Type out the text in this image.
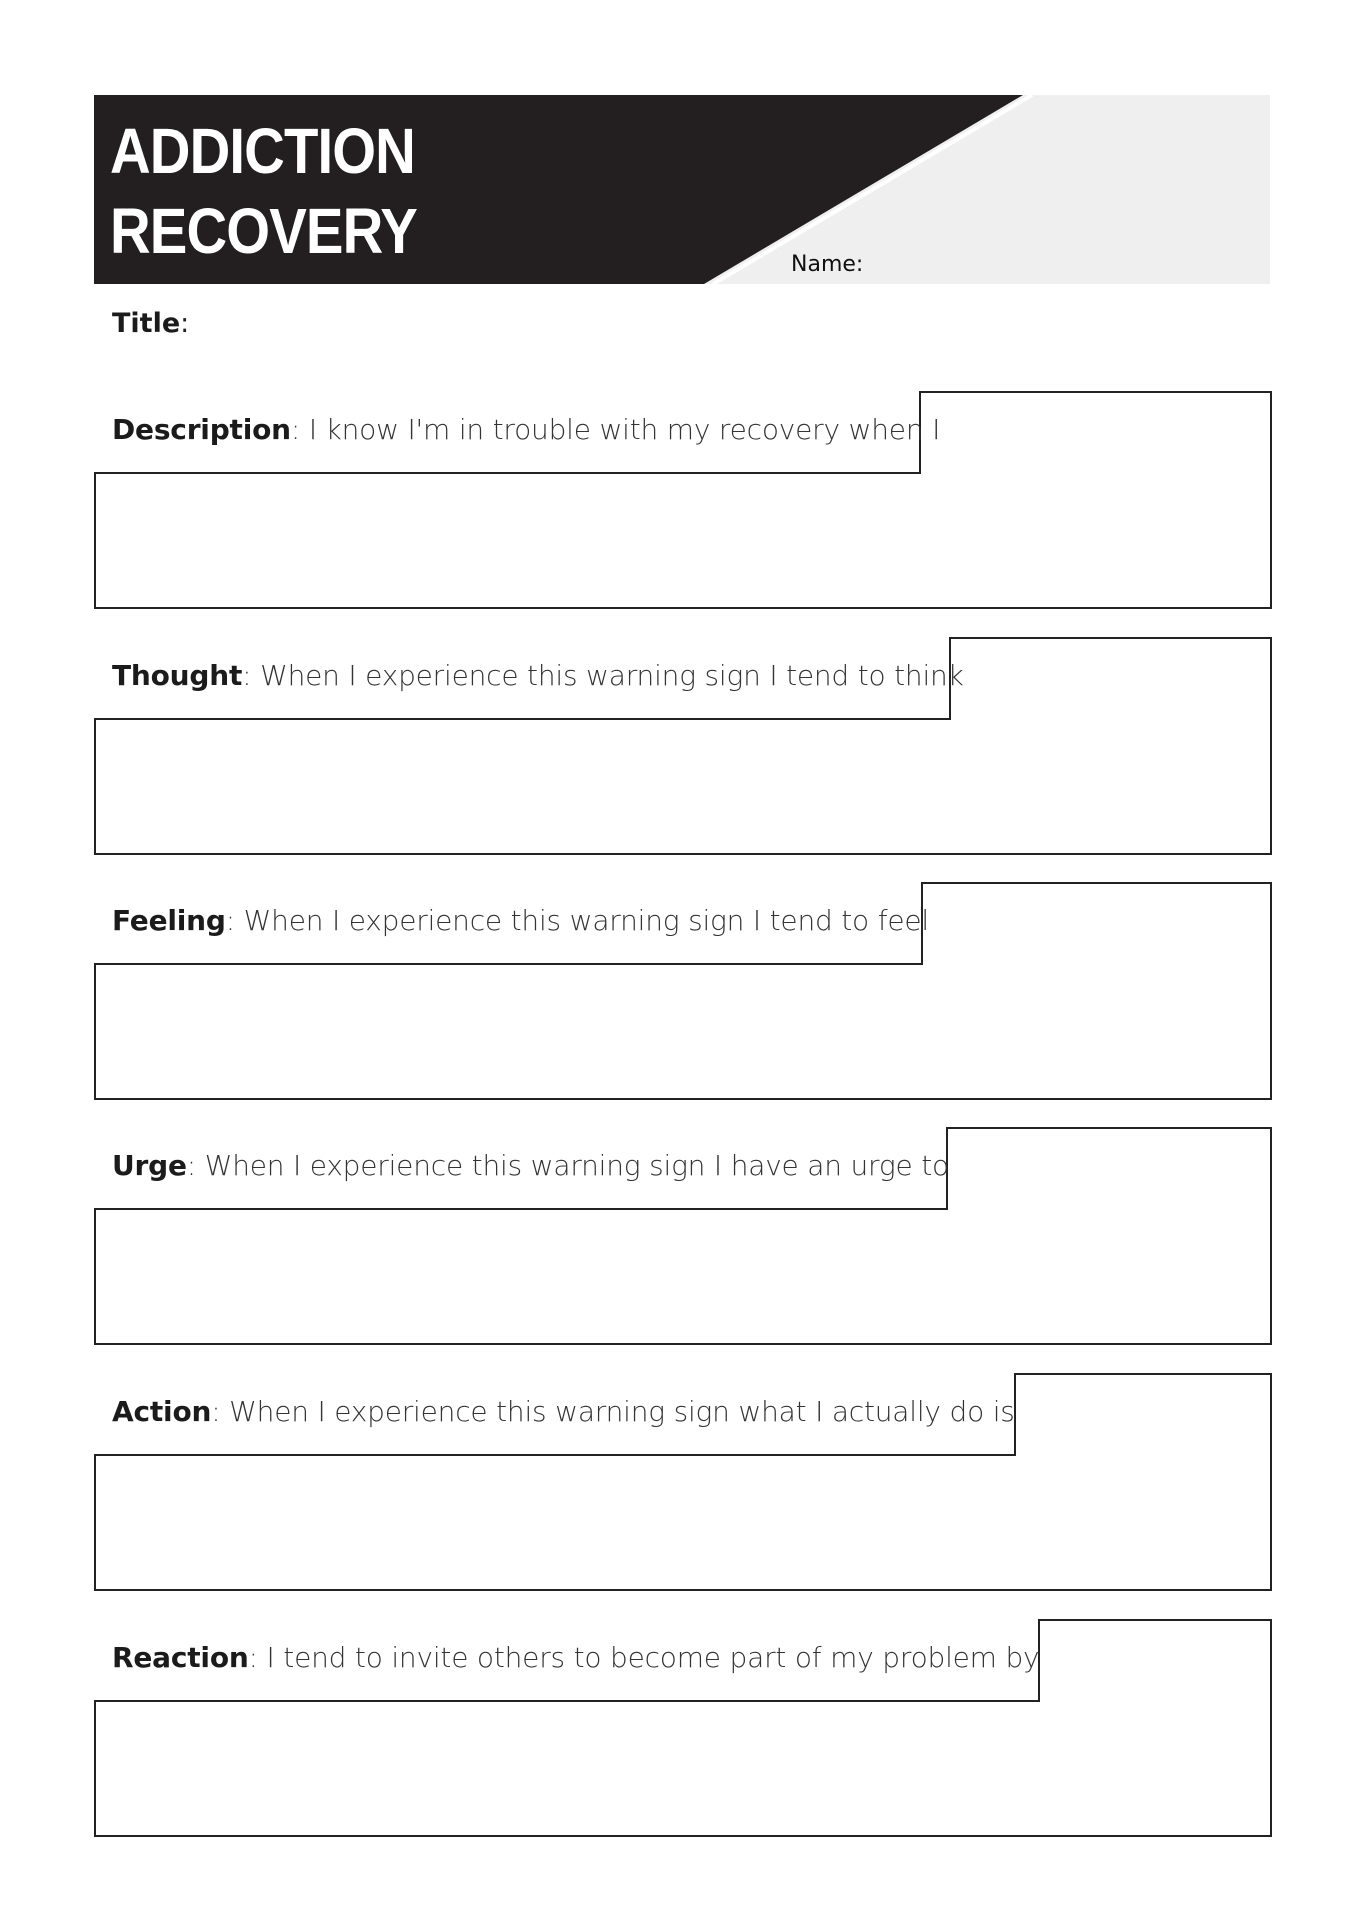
ADDICTION
RECOVERY	Name:
Title:
Description: I know I'm in trouble with my recovery when I
Thought: When I experience this warning sign I tend to think
Feeling: When I experience this warning sign I tend to feel
Urge: When I experience this warning sign I have an urge to
Action: When I experience this warning sign what I actually do is
Reaction: I tend to invite others to become part of my problem by
